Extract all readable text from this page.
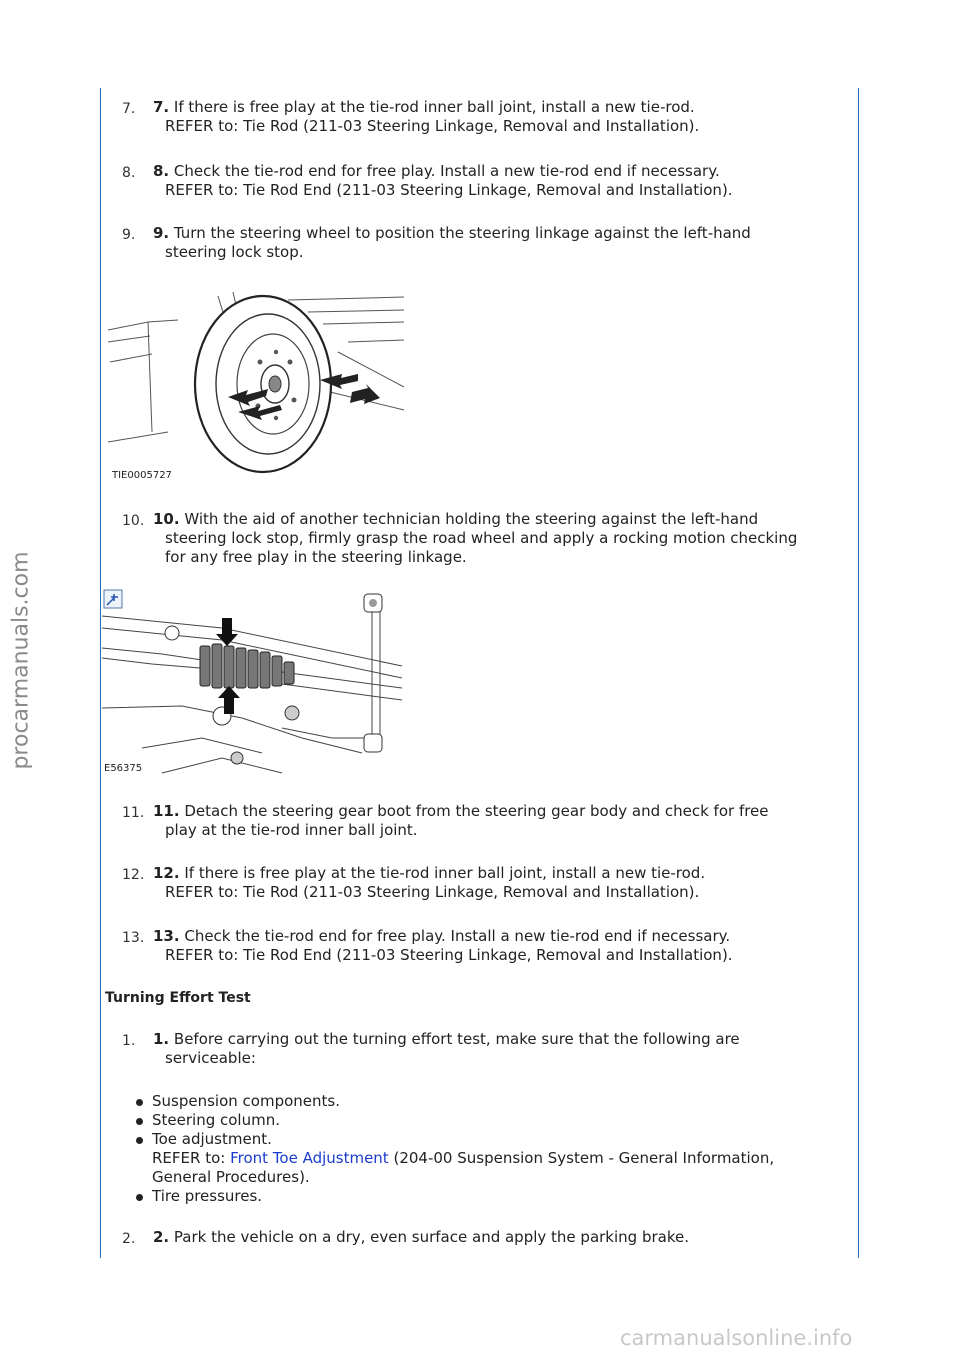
procarmanuals.com
carmanualsonline.info
7. 7. If there is free play at the tie-rod inner ball joint, install a new tie-rod.
REFER to: Tie Rod (211-03 Steering Linkage, Removal and Installation).
8. 8. Check the tie-rod end for free play. Install a new tie-rod end if necessary.
REFER to: Tie Rod End (211-03 Steering Linkage, Removal and Installation).
9. 9. Turn the steering wheel to position the steering linkage against the left-hand
steering lock stop.
TIE0005727
10. 10. With the aid of another technician holding the steering against the left-hand
steering lock stop, firmly grasp the road wheel and apply a rocking motion checking
for any free play in the steering linkage.
E56375
11. 11. Detach the steering gear boot from the steering gear body and check for free
play at the tie-rod inner ball joint.
12. 12. If there is free play at the tie-rod inner ball joint, install a new tie-rod.
REFER to: Tie Rod (211-03 Steering Linkage, Removal and Installation).
13. 13. Check the tie-rod end for free play. Install a new tie-rod end if necessary.
REFER to: Tie Rod End (211-03 Steering Linkage, Removal and Installation).
Turning Effort Test
1. 1. Before carrying out the turning effort test, make sure that the following are
serviceable:
Suspension components.
Steering column.
Toe adjustment.
REFER to: Front Toe Adjustment (204-00 Suspension System - General Information,
General Procedures).
Tire pressures.
2. 2. Park the vehicle on a dry, even surface and apply the parking brake.
